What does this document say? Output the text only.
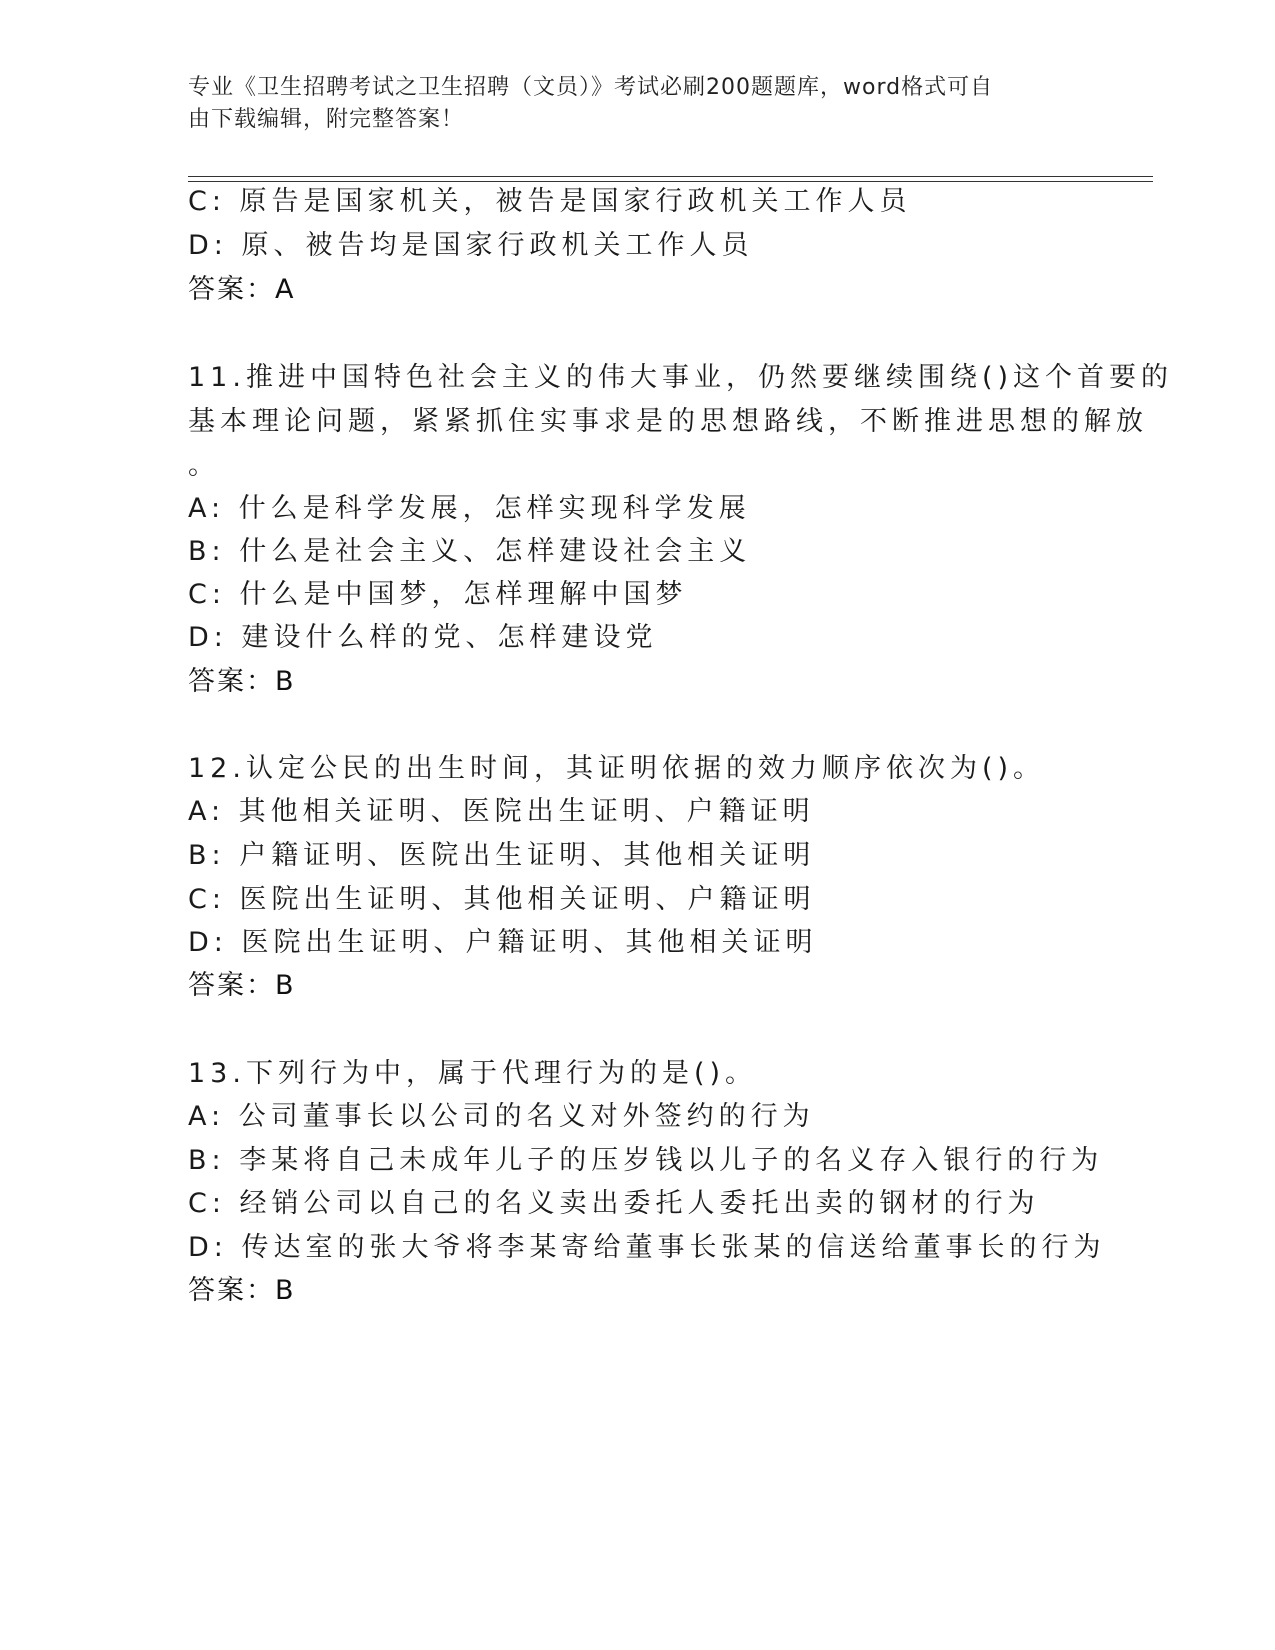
专业《卫生招聘考试之卫生招聘（文员）》考试必刷200题题库，word格式可自
由下载编辑，附完整答案！
C: 原告是国家机关，被告是国家行政机关工作人员
D: 原、被告均是国家行政机关工作人员
答案：A
11.推进中国特色社会主义的伟大事业，仍然要继续围绕()这个首要的
基本理论问题，紧紧抓住实事求是的思想路线，不断推进思想的解放
。
A: 什么是科学发展，怎样实现科学发展
B: 什么是社会主义、怎样建设社会主义
C: 什么是中国梦，怎样理解中国梦
D: 建设什么样的党、怎样建设党
答案：B
12.认定公民的出生时间，其证明依据的效力顺序依次为()。
A: 其他相关证明、医院出生证明、户籍证明
B: 户籍证明、医院出生证明、其他相关证明
C: 医院出生证明、其他相关证明、户籍证明
D: 医院出生证明、户籍证明、其他相关证明
答案：B
13.下列行为中，属于代理行为的是()。
A: 公司董事长以公司的名义对外签约的行为
B: 李某将自己未成年儿子的压岁钱以儿子的名义存入银行的行为
C: 经销公司以自己的名义卖出委托人委托出卖的钢材的行为
D: 传达室的张大爷将李某寄给董事长张某的信送给董事长的行为
答案：B
